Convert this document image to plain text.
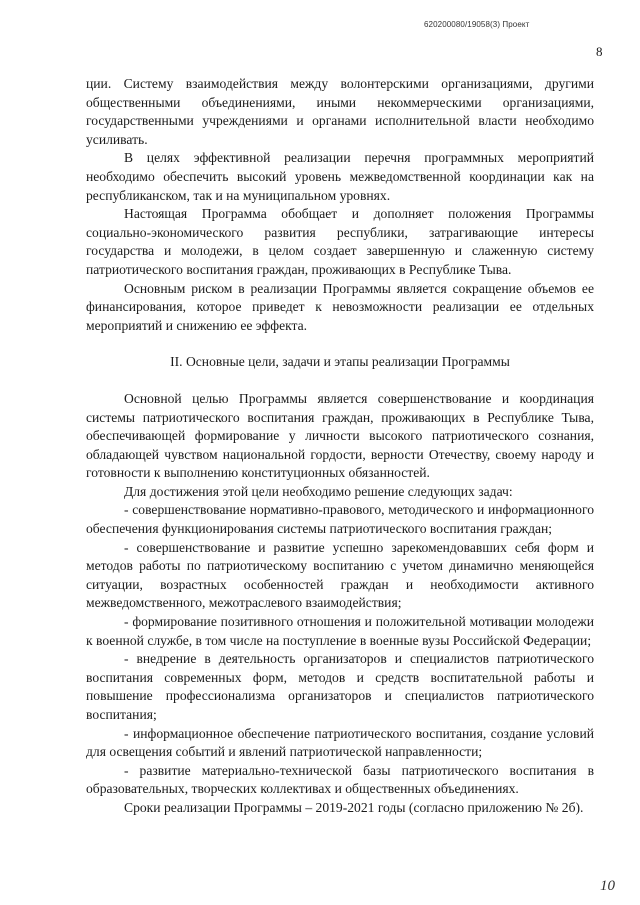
620200080/19058(3) Проект
8

ции. Систему взаимодействия между волонтерскими организациями, другими общественными объединениями, иными некоммерческими организациями, государственными учреждениями и органами исполнительной власти необходимо усиливать.

В целях эффективной реализации перечня программных мероприятий необходимо обеспечить высокий уровень межведомственной координации как на республиканском, так и на муниципальном уровнях.

Настоящая Программа обобщает и дополняет положения Программы социально-экономического развития республики, затрагивающие интересы государства и молодежи, в целом создает завершенную и слаженную систему патриотического воспитания граждан, проживающих в Республике Тыва.

Основным риском в реализации Программы является сокращение объемов ее финансирования, которое приведет к невозможности реализации ее отдельных мероприятий и снижению ее эффекта.

II. Основные цели, задачи и этапы реализации Программы

Основной целью Программы является совершенствование и координация системы патриотического воспитания граждан, проживающих в Республике Тыва, обеспечивающей формирование у личности высокого патриотического сознания, обладающей чувством национальной гордости, верности Отечеству, своему народу и готовности к выполнению конституционных обязанностей.

Для достижения этой цели необходимо решение следующих задач:

- совершенствование нормативно-правового, методического и информационного обеспечения функционирования системы патриотического воспитания граждан;

- совершенствование и развитие успешно зарекомендовавших себя форм и методов работы по патриотическому воспитанию с учетом динамично меняющейся ситуации, возрастных особенностей граждан и необходимости активного межведомственного, межотраслевого взаимодействия;

- формирование позитивного отношения и положительной мотивации молодежи к военной службе, в том числе на поступление в военные вузы Российской Федерации;

- внедрение в деятельность организаторов и специалистов патриотического воспитания современных форм, методов и средств воспитательной работы и повышение профессионализма организаторов и специалистов патриотического воспитания;

- информационное обеспечение патриотического воспитания, создание условий для освещения событий и явлений патриотической направленности;

- развитие материально-технической базы патриотического воспитания в образовательных, творческих коллективах и общественных объединениях.

Сроки реализации Программы – 2019-2021 годы (согласно приложению № 2б).

10
